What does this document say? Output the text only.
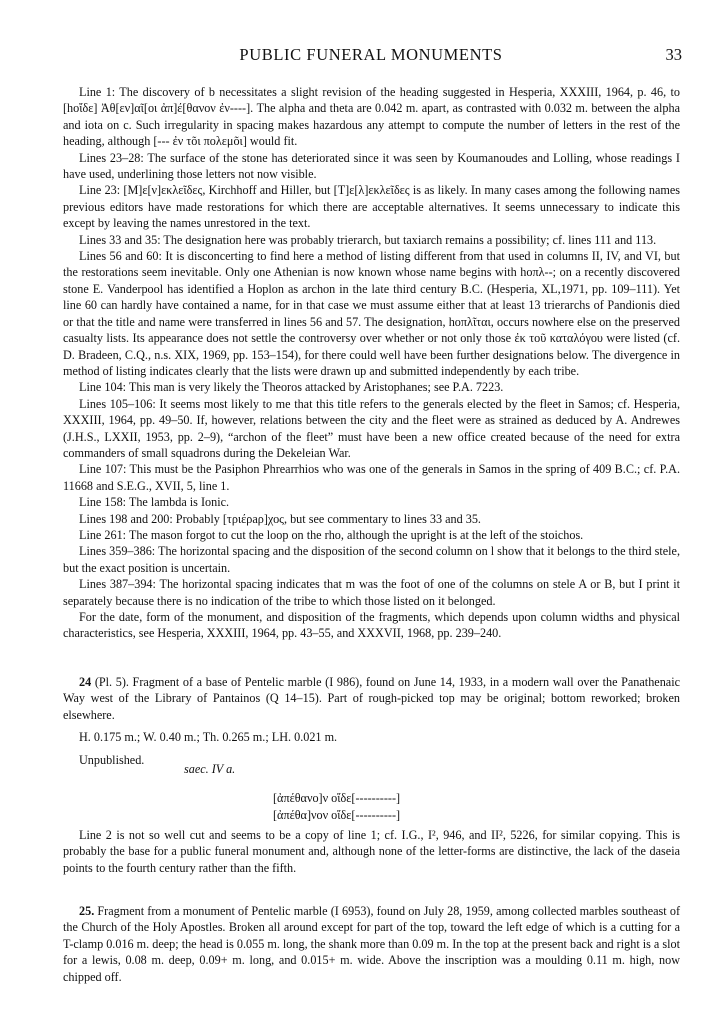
PUBLIC FUNERAL MONUMENTS	33

Line 1: The discovery of b necessitates a slight revision of the heading suggested in Hesperia, XXXIII, 1964, p. 46, to [hοἴδε] Ἀθ[εν]αῖ[οι ἀπ]έ[θανον ἐν----]. The alpha and theta are 0.042 m. apart, as contrasted with 0.032 m. between the alpha and iota on c. Such irregularity in spacing makes hazardous any attempt to compute the number of letters in the rest of the heading, although [--- ἐν τõι πολεμõι] would fit.

Lines 23–28: The surface of the stone has deteriorated since it was seen by Koumanoudes and Lolling, whose readings I have used, underlining those letters not now visible.

Line 23: [Μ]ε[ν]εκλεῖδες, Kirchhoff and Hiller, but [Τ]ε[λ]εκλεῖδες is as likely. In many cases among the following names previous editors have made restorations for which there are acceptable alternatives. It seems unnecessary to indicate this except by leaving the names unrestored in the text.

Lines 33 and 35: The designation here was probably trierarch, but taxiarch remains a possibility; cf. lines 111 and 113.

Lines 56 and 60: It is disconcerting to find here a method of listing different from that used in columns II, IV, and VI, but the restorations seem inevitable. Only one Athenian is now known whose name begins with hοπλ--; on a recently discovered stone E. Vanderpool has identified a Hoplon as archon in the late third century B.C. (Hesperia, XL,1971, pp. 109–111). Yet line 60 can hardly have contained a name, for in that case we must assume either that at least 13 trierarchs of Pandionis died or that the title and name were transferred in lines 56 and 57. The designation, hοπλῖται, occurs nowhere else on the preserved casualty lists. Its appearance does not settle the controversy over whether or not only those ἐκ τοῦ καταλόγου were listed (cf. D. Bradeen, C.Q., n.s. XIX, 1969, pp. 153–154), for there could well have been further designations below. The divergence in method of listing indicates clearly that the lists were drawn up and submitted independently by each tribe.

Line 104: This man is very likely the Theoros attacked by Aristophanes; see P.A. 7223.

Lines 105–106: It seems most likely to me that this title refers to the generals elected by the fleet in Samos; cf. Hesperia, XXXIII, 1964, pp. 49–50. If, however, relations between the city and the fleet were as strained as deduced by A. Andrewes (J.H.S., LXXII, 1953, pp. 2–9), “archon of the fleet” must have been a new office created because of the need for extra commanders of small squadrons during the Dekeleian War.

Line 107: This must be the Pasiphon Phrearrhios who was one of the generals in Samos in the spring of 409 B.C.; cf. P.A. 11668 and S.E.G., XVII, 5, line 1.

Line 158: The lambda is Ionic.

Lines 198 and 200: Probably [τριέρaρ]χος, but see commentary to lines 33 and 35.

Line 261: The mason forgot to cut the loop on the rho, although the upright is at the left of the stoichos.

Lines 359–386: The horizontal spacing and the disposition of the second column on l show that it belongs to the third stele, but the exact position is uncertain.

Lines 387–394: The horizontal spacing indicates that m was the foot of one of the columns on stele A or B, but I print it separately because there is no indication of the tribe to which those listed on it belonged.

For the date, form of the monument, and disposition of the fragments, which depends upon column widths and physical characteristics, see Hesperia, XXXIII, 1964, pp. 43–55, and XXXVII, 1968, pp. 239–240.

24 (Pl. 5). Fragment of a base of Pentelic marble (I 986), found on June 14, 1933, in a modern wall over the Panathenaic Way west of the Library of Pantainos (Q 14–15). Part of rough-picked top may be original; bottom reworked; broken elsewhere.

H. 0.175 m.; W. 0.40 m.; Th. 0.265 m.; LH. 0.021 m.

Unpublished.

saec. IV a.
[ἀπέθανο]ν οἵδε[----------]
[ἀπέθα]νον οἵδε[----------]

Line 2 is not so well cut and seems to be a copy of line 1; cf. I.G., I², 946, and II², 5226, for similar copying. This is probably the base for a public funeral monument and, although none of the letter-forms are distinctive, the lack of the daseia points to the fourth century rather than the fifth.

25. Fragment from a monument of Pentelic marble (I 6953), found on July 28, 1959, among collected marbles southeast of the Church of the Holy Apostles. Broken all around except for part of the top, toward the left edge of which is a cutting for a T-clamp 0.016 m. deep; the head is 0.055 m. long, the shank more than 0.09 m. In the top at the present back and right is a slot for a lewis, 0.08 m. deep, 0.09+ m. long, and 0.015+ m. wide. Above the inscription was a moulding 0.11 m. high, now chipped off.
